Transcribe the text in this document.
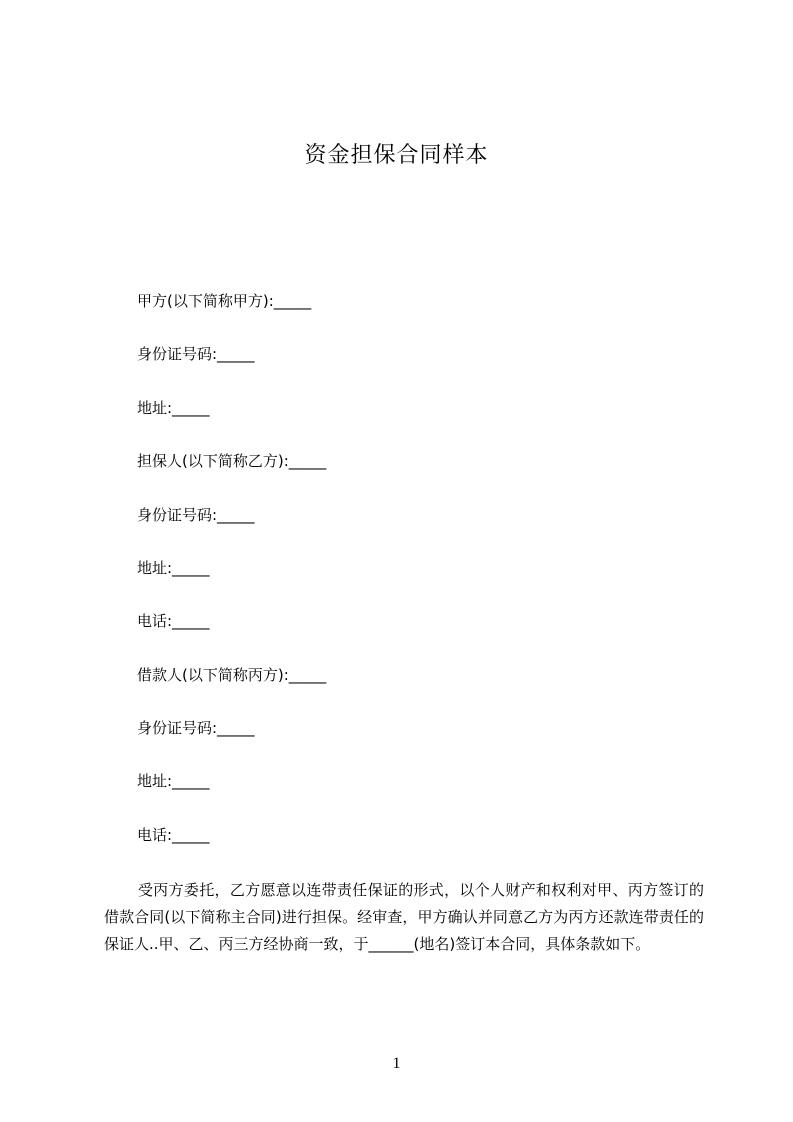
资金担保合同样本
甲方(以下简称甲方):_____
身份证号码:_____
地址:_____
担保人(以下简称乙方):_____
身份证号码:_____
地址:_____
电话:_____
借款人(以下简称丙方):_____
身份证号码:_____
地址:_____
电话:_____
受丙方委托，乙方愿意以连带责任保证的形式，以个人财产和权利对甲、丙方签订的借款合同(以下简称主合同)进行担保。经审查，甲方确认并同意乙方为丙方还款连带责任的保证人..甲、乙、丙三方经协商一致，于______(地名)签订本合同，具体条款如下。
1
